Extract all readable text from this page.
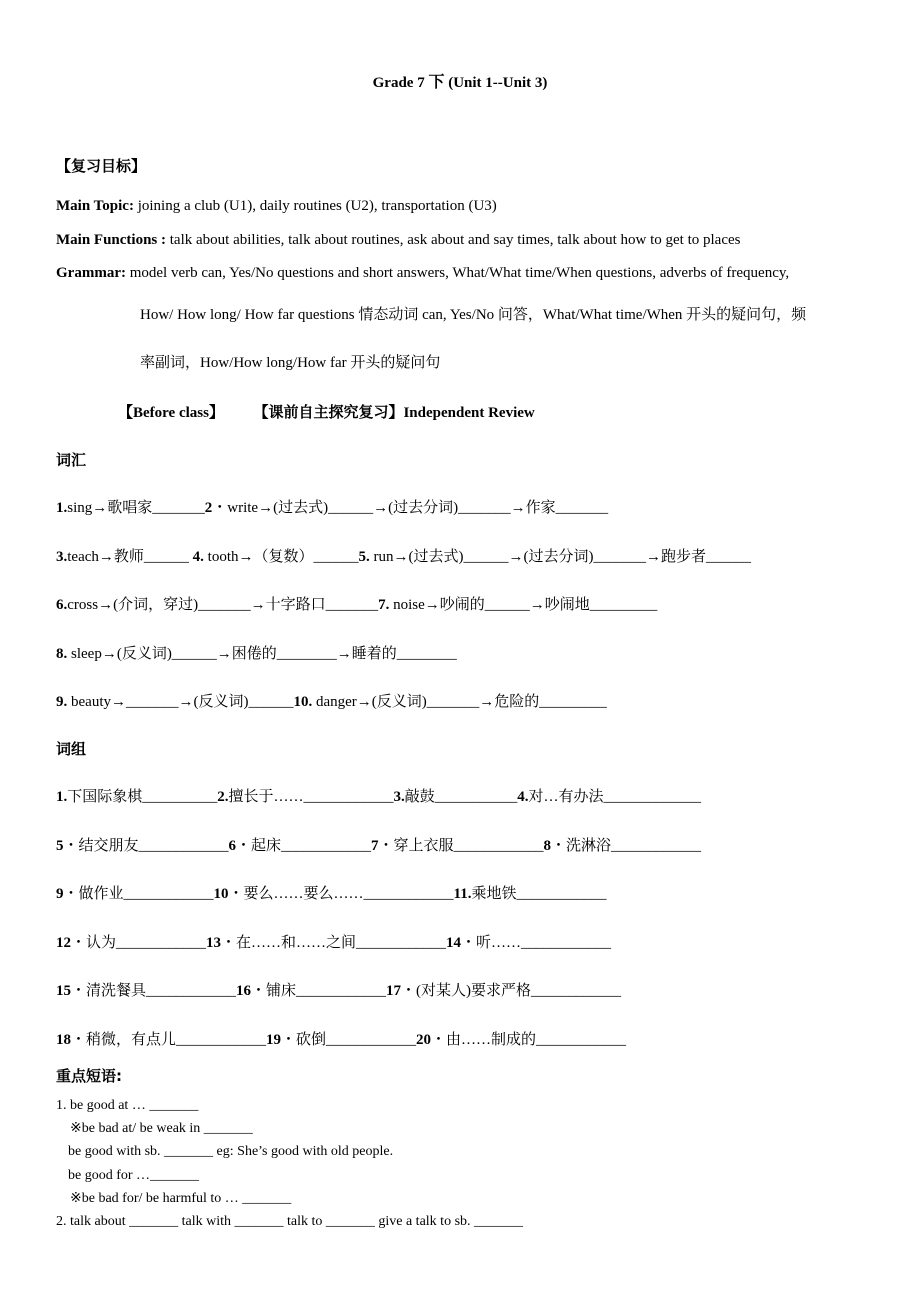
Grade 7 下 (Unit 1--Unit 3)
【复习目标】
Main Topic: joining a club (U1), daily routines (U2), transportation (U3)
Main Functions : talk about abilities, talk about routines, ask about and say times, talk about how to get to places
Grammar: model verb can, Yes/No questions and short answers, What/What time/When questions, adverbs of frequency,
How/ How long/ How far questions 情态动词 can, Yes/No 问答，What/What time/When 开头的疑问句，频
率副词，How/How long/How far 开头的疑问句
【Before class】 【课前自主探究复习】Independent Review
词汇
1.sing→歌唱家_______2・write→(过去式)______→(过去分词)_______→作家_______
3.teach→教师______ 4. tooth→（复数）______5. run→(过去式)______→(过去分词)_______→跑步者______
6.cross→(介词，穿过)_______→十字路口_______7. noise→吵闹的______→吵闹地_________
8. sleep→(反义词)______→困倦的________→睡着的________
9. beauty→_______→(反义词)______10. danger→(反义词)_______→危险的_________
词组
1.下国际象棋__________2.擅长于……____________3.敲鼓___________4.对…有办法_____________
5・结交朋友____________6・起床____________7・穿上衣服____________8・洗淋浴____________
9・做作业____________10・要么……要么……____________11.乘地铁____________
12・认为____________13・在……和……之间____________14・听……____________
15・清洗餐具____________16・铺床____________17・(对某人)要求严格____________
18・稍微，有点儿____________19・砍倒____________20・由……制成的____________
重点短语:
1. be good at … _______
※be bad at/ be weak in _______
be good with sb. _______ eg: She’s good with old people.
be good for …_______
※be bad for/ be harmful to … _______
2. talk about _______ talk with _______ talk to _______ give a talk to sb. _______
